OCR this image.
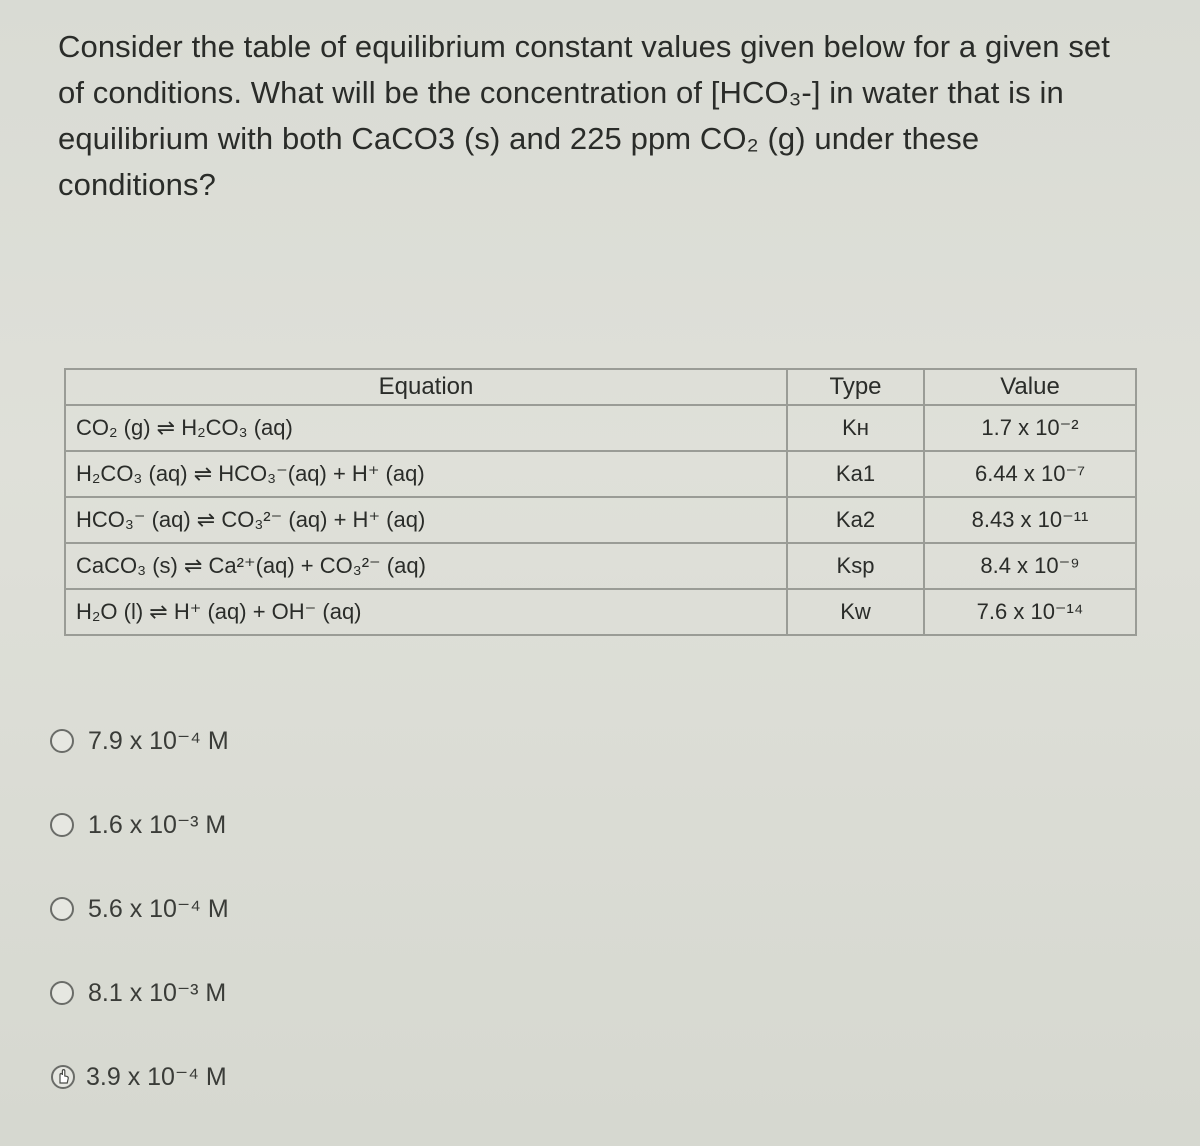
Consider the table of equilibrium constant values given below for a given set

of conditions. What will be the concentration of [HCO₃-] in water that is in

equilibrium with both CaCO3 (s) and 225 ppm CO₂ (g) under these

conditions?

Equation	Type	Value
CO₂ (g) ⇌ H₂CO₃ (aq)	Kʜ	1.7 x 10⁻²
H₂CO₃ (aq) ⇌ HCO₃⁻(aq) + H⁺ (aq)	Ka1	6.44 x 10⁻⁷
HCO₃⁻ (aq) ⇌ CO₃²⁻ (aq) + H⁺ (aq)	Ka2	8.43 x 10⁻¹¹
CaCO₃ (s) ⇌ Ca²⁺(aq) + CO₃²⁻ (aq)	Ksp	8.4 x 10⁻⁹
H₂O (l) ⇌ H⁺ (aq) + OH⁻ (aq)	Kw	7.6 x 10⁻¹⁴
7.9 x 10⁻⁴ M
1.6 x 10⁻³ M
5.6 x 10⁻⁴ M
8.1 x 10⁻³ M
3.9 x 10⁻⁴ M
